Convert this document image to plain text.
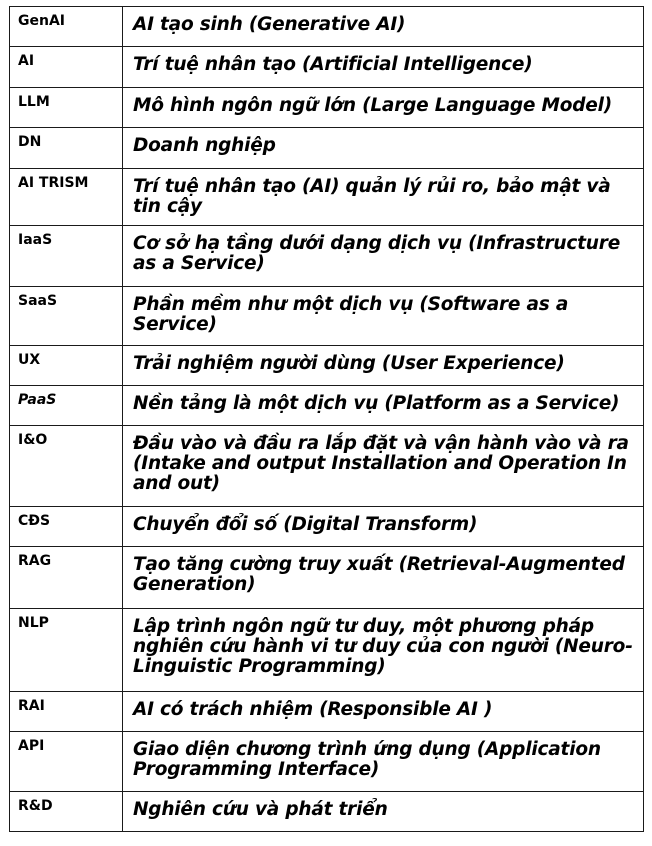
GenAI	AI tạo sinh (Generative AI)
AI	Trí tuệ nhân tạo (Artificial Intelligence)
LLM	Mô hình ngôn ngữ lớn (Large Language Model)
DN	Doanh nghiệp
AI TRISM	Trí tuệ nhân tạo (AI) quản lý rủi ro, bảo mật và tin cậy
IaaS	Cơ sở hạ tầng dưới dạng dịch vụ (Infrastructure as a Service)
SaaS	Phần mềm như một dịch vụ (Software as a Service)
UX	Trải nghiệm người dùng (User Experience)
PaaS	Nền tảng là một dịch vụ (Platform as a Service)
I&O	Đầu vào và đầu ra lắp đặt và vận hành vào và ra (Intake and output Installation and Operation In and out)
CĐS	Chuyển đổi số (Digital Transform)
RAG	Tạo tăng cường truy xuất (Retrieval-Augmented Generation)
NLP	Lập trình ngôn ngữ tư duy, một phương pháp nghiên cứu hành vi tư duy của con người (Neuro-Linguistic Programming)
RAI	AI có trách nhiệm (Responsible AI )
API	Giao diện chương trình ứng dụng (Application Programming Interface)
R&D	Nghiên cứu và phát triển
